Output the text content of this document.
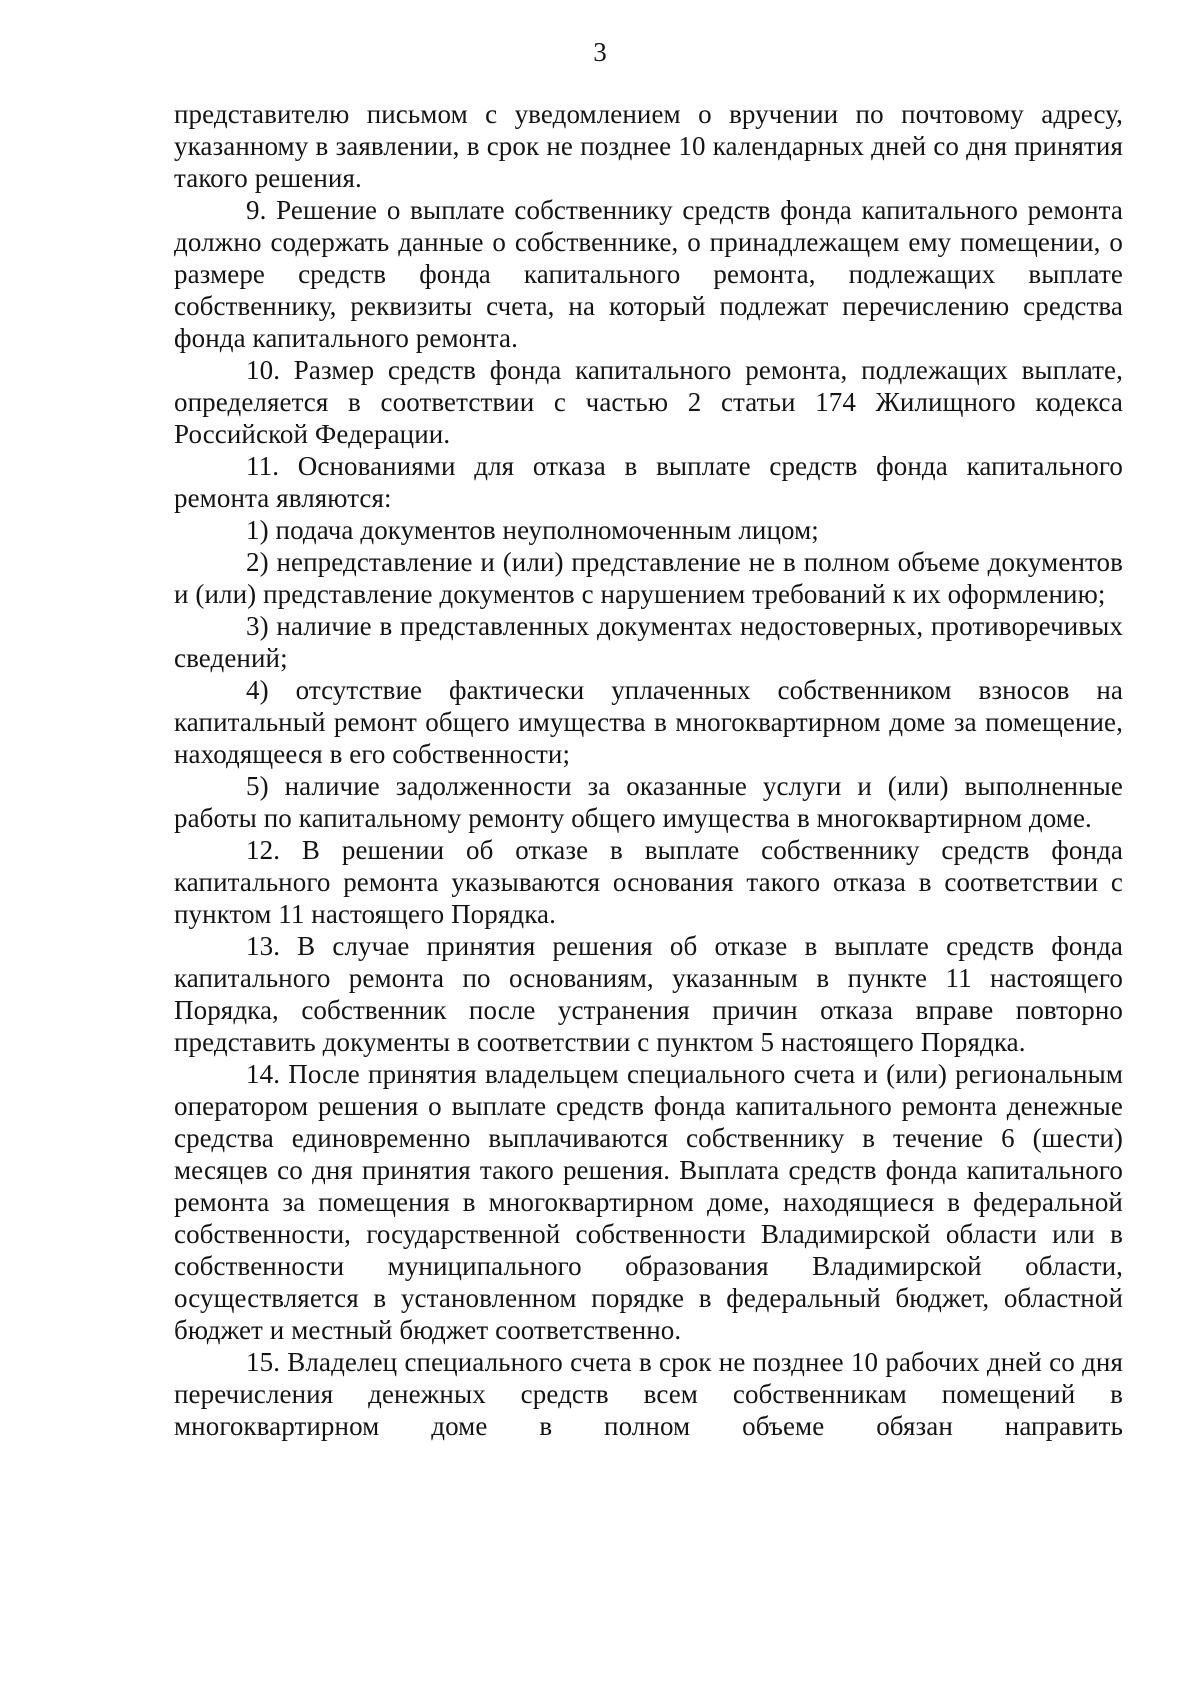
3

представителю письмом с уведомлением о вручении по почтовому адресу, указанному в заявлении, в срок не позднее 10 календарных дней со дня принятия такого решения.

9. Решение о выплате собственнику средств фонда капитального ремонта должно содержать данные о собственнике, о принадлежащем ему помещении, о размере средств фонда капитального ремонта, подлежащих выплате собственнику, реквизиты счета, на который подлежат перечислению средства фонда капитального ремонта.

10. Размер средств фонда капитального ремонта, подлежащих выплате, определяется в соответствии с частью 2 статьи 174 Жилищного кодекса Российской Федерации.

11. Основаниями для отказа в выплате средств фонда капитального ремонта являются:

1) подача документов неуполномоченным лицом;

2) непредставление и (или) представление не в полном объеме документов и (или) представление документов с нарушением требований к их оформлению;

3) наличие в представленных документах недостоверных, противоречивых сведений;

4) отсутствие фактически уплаченных собственником взносов на капитальный ремонт общего имущества в многоквартирном доме за помещение, находящееся в его собственности;

5) наличие задолженности за оказанные услуги и (или) выполненные работы по капитальному ремонту общего имущества в многоквартирном доме.

12. В решении об отказе в выплате собственнику средств фонда капитального ремонта указываются основания такого отказа в соответствии с пунктом 11 настоящего Порядка.

13. В случае принятия решения об отказе в выплате средств фонда капитального ремонта по основаниям, указанным в пункте 11 настоящего Порядка, собственник после устранения причин отказа вправе повторно представить документы в соответствии с пунктом 5 настоящего Порядка.

14. После принятия владельцем специального счета и (или) региональным оператором решения о выплате средств фонда капитального ремонта денежные средства единовременно выплачиваются собственнику в течение 6 (шести) месяцев со дня принятия такого решения. Выплата средств фонда капитального ремонта за помещения в многоквартирном доме, находящиеся в федеральной собственности, государственной собственности Владимирской области или в собственности муниципального образования Владимирской области, осуществляется в установленном порядке в федеральный бюджет, областной бюджет и местный бюджет соответственно.

15. Владелец специального счета в срок не позднее 10 рабочих дней со дня перечисления денежных средств всем собственникам помещений в многоквартирном доме в полном объеме обязан направить
